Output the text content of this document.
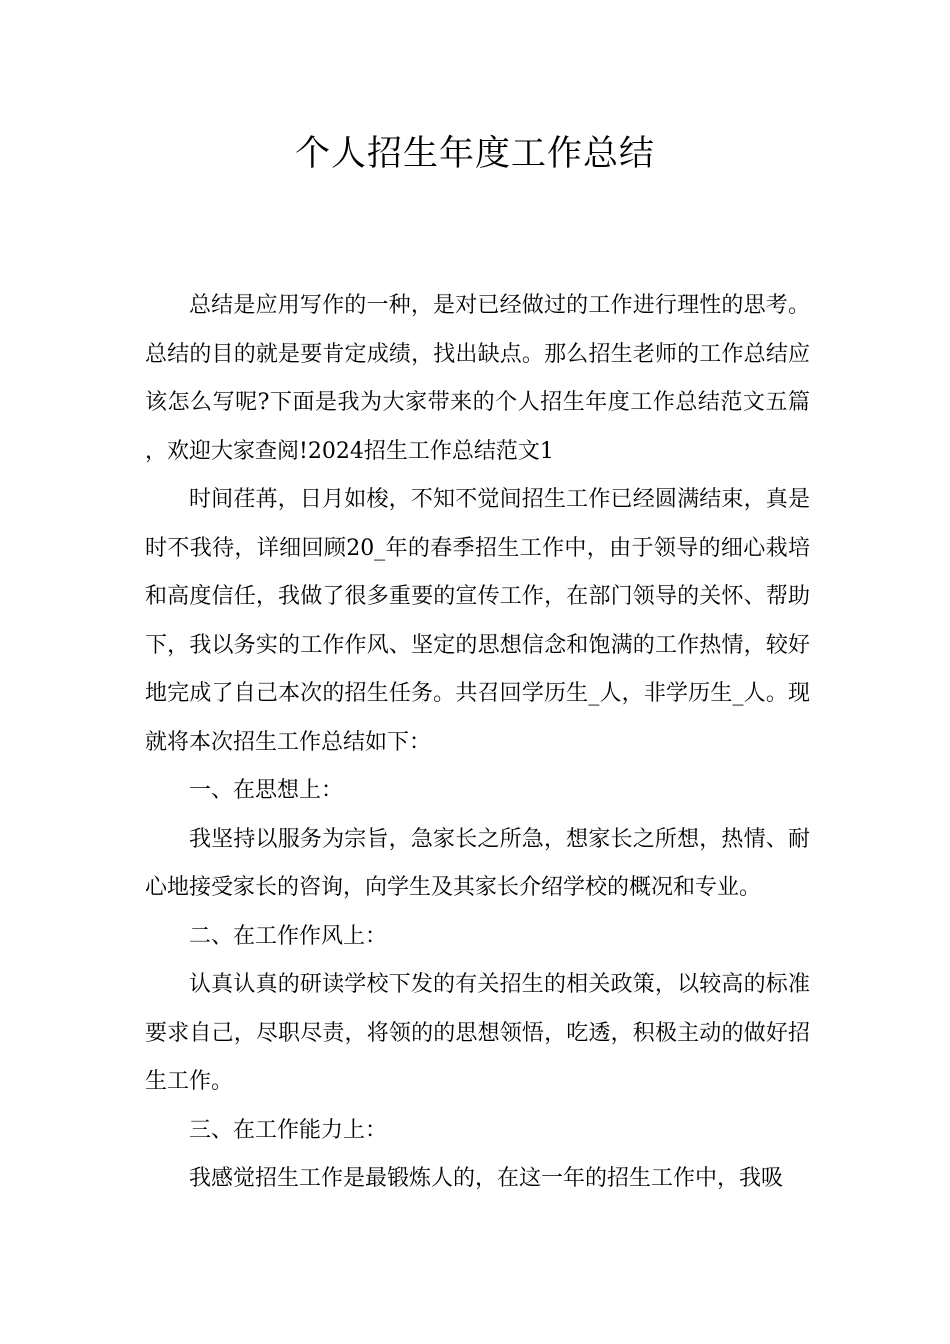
个人招生年度工作总结

总结是应用写作的一种，是对已经做过的工作进行理性的思考。总结的目的就是要肯定成绩，找出缺点。那么招生老师的工作总结应该怎么写呢?下面是我为大家带来的个人招生年度工作总结范文五篇，欢迎大家查阅!2024招生工作总结范文1

时间荏苒，日月如梭，不知不觉间招生工作已经圆满结束，真是时不我待，详细回顾20_年的春季招生工作中，由于领导的细心栽培和高度信任，我做了很多重要的宣传工作，在部门领导的关怀、帮助下，我以务实的工作作风、坚定的思想信念和饱满的工作热情，较好地完成了自己本次的招生任务。共召回学历生_人，非学历生_人。现就将本次招生工作总结如下：

一、在思想上：

我坚持以服务为宗旨，急家长之所急，想家长之所想，热情、耐心地接受家长的咨询，向学生及其家长介绍学校的概况和专业。

二、在工作作风上：

认真认真的研读学校下发的有关招生的相关政策，以较高的标准要求自己，尽职尽责，将领的的思想领悟，吃透，积极主动的做好招生工作。

三、在工作能力上：

我感觉招生工作是最锻炼人的，在这一年的招生工作中，我吸
